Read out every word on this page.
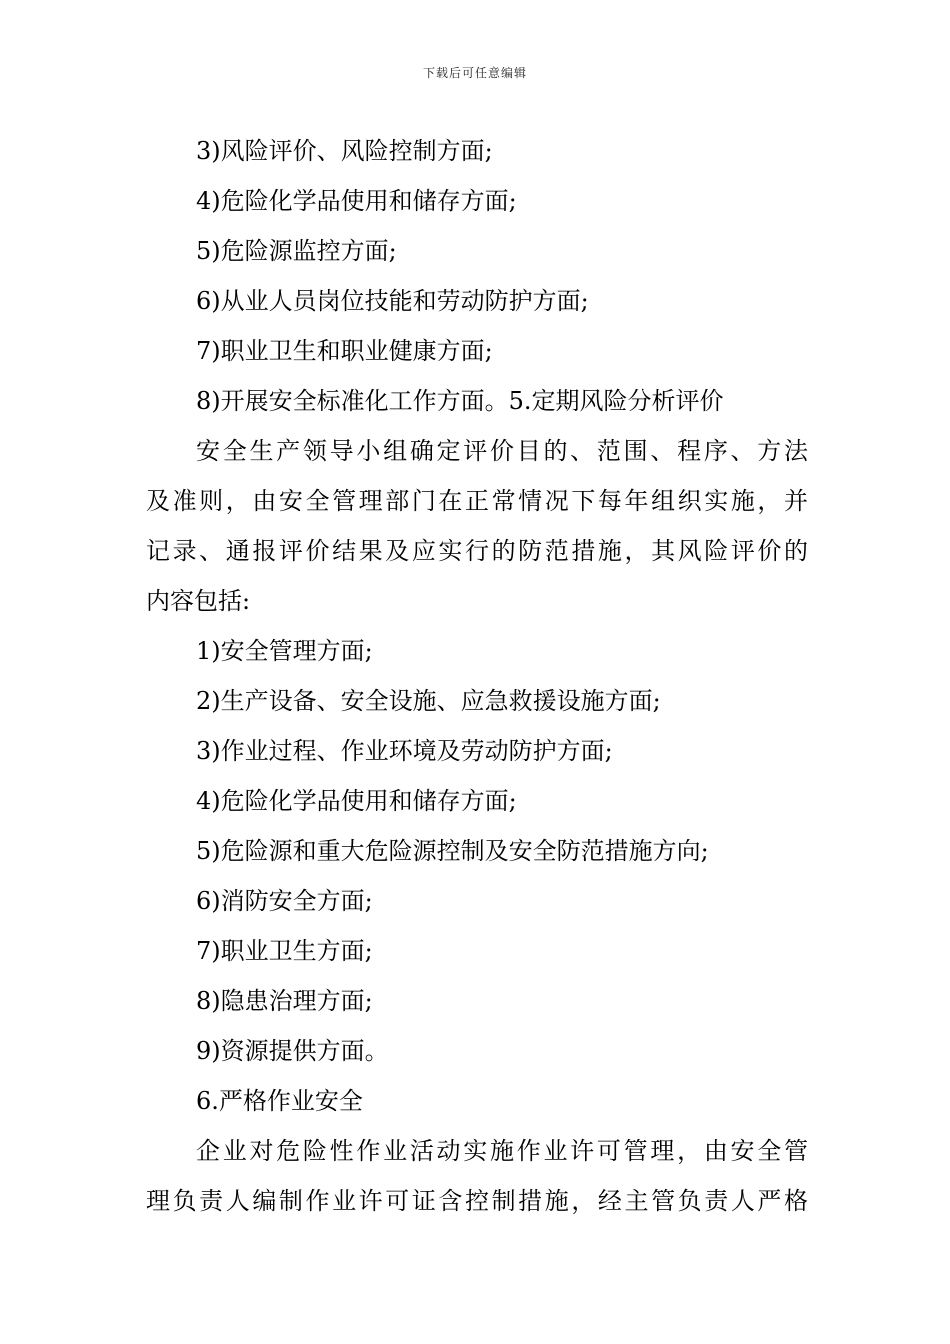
下载后可任意编辑
3)风险评价、风险控制方面;
4)危险化学品使用和储存方面;
5)危险源监控方面;
6)从业人员岗位技能和劳动防护方面;
7)职业卫生和职业健康方面;
8)开展安全标准化工作方面。5.定期风险分析评价
安全生产领导小组确定评价目的、范围、程序、方法
及准则，由安全管理部门在正常情况下每年组织实施，并
记录、通报评价结果及应实行的防范措施，其风险评价的
内容包括:
1)安全管理方面;
2)生产设备、安全设施、应急救援设施方面;
3)作业过程、作业环境及劳动防护方面;
4)危险化学品使用和储存方面;
5)危险源和重大危险源控制及安全防范措施方向;
6)消防安全方面;
7)职业卫生方面;
8)隐患治理方面;
9)资源提供方面。
6.严格作业安全
企业对危险性作业活动实施作业许可管理，由安全管
理负责人编制作业许可证含控制措施，经主管负责人严格
